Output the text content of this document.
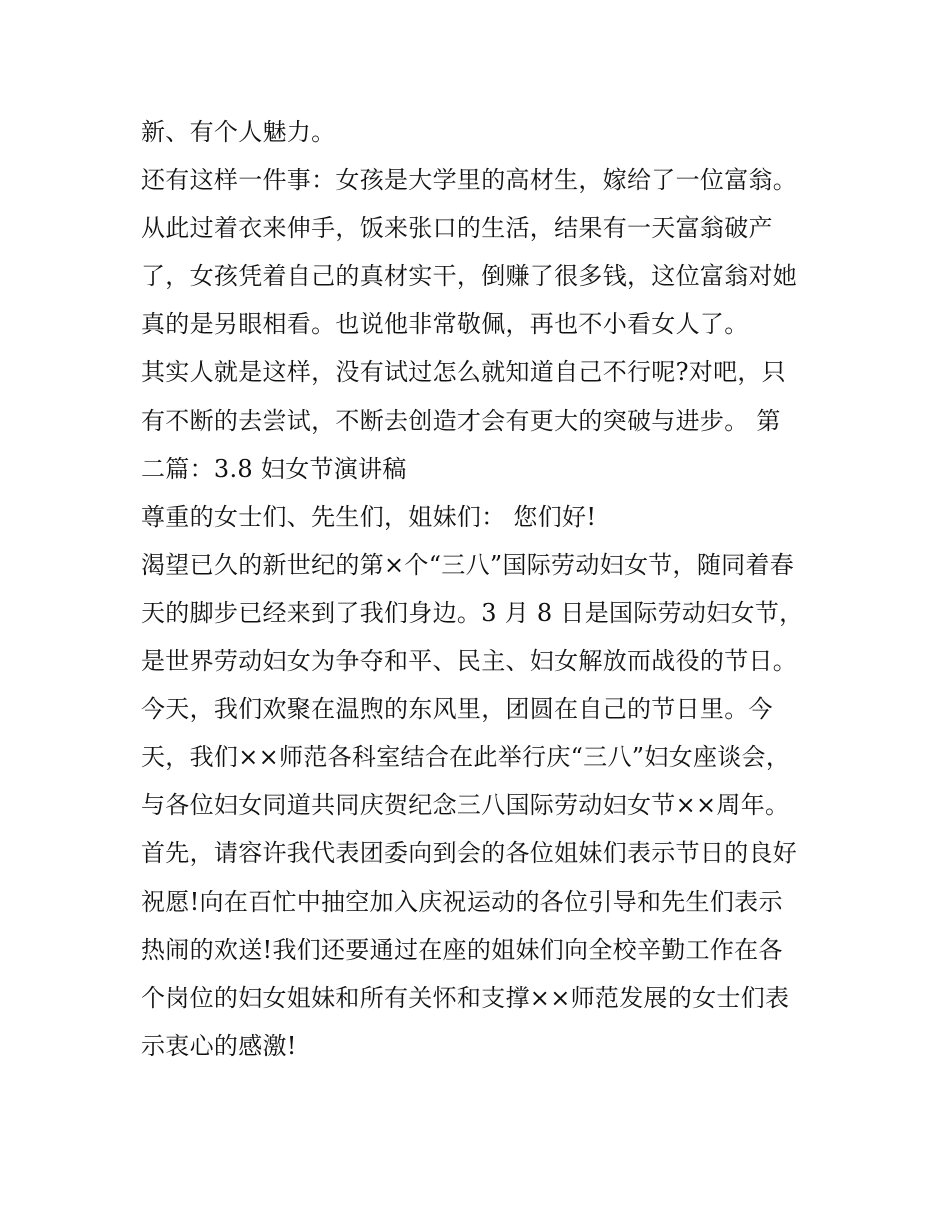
新、有个人魅力。
还有这样一件事：女孩是大学里的高材生，嫁给了一位富翁。
从此过着衣来伸手，饭来张口的生活，结果有一天富翁破产
了，女孩凭着自己的真材实干，倒赚了很多钱，这位富翁对她
真的是另眼相看。也说他非常敬佩，再也不小看女人了。
其实人就是这样，没有试过怎么就知道自己不行呢?对吧，只
有不断的去尝试，不断去创造才会有更大的突破与进步。 第
二篇：3.8 妇女节演讲稿
尊重的女士们、先生们，姐妹们： 您们好!
渴望已久的新世纪的第×个“三八”国际劳动妇女节，随同着春
天的脚步已经来到了我们身边。3 月 8 日是国际劳动妇女节，
是世界劳动妇女为争夺和平、民主、妇女解放而战役的节日。
今天，我们欢聚在温煦的东风里，团圆在自己的节日里。今
天，我们××师范各科室结合在此举行庆“三八”妇女座谈会，
与各位妇女同道共同庆贺纪念三八国际劳动妇女节××周年。
首先，请容许我代表团委向到会的各位姐妹们表示节日的良好
祝愿!向在百忙中抽空加入庆祝运动的各位引导和先生们表示
热闹的欢送!我们还要通过在座的姐妹们向全校辛勤工作在各
个岗位的妇女姐妹和所有关怀和支撑××师范发展的女士们表
示衷心的感激!
